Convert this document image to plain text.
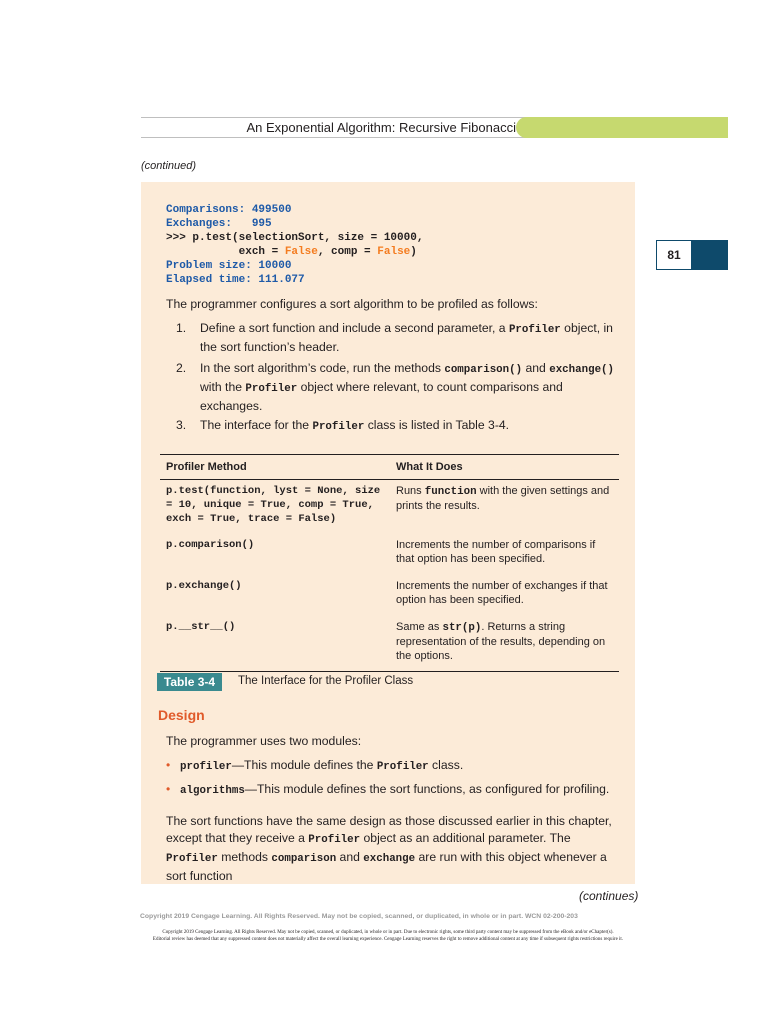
An Exponential Algorithm: Recursive Fibonacci
(continued)
81
Comparisons: 499500
Exchanges:   995
>>> p.test(selectionSort, size = 10000,
exch = False, comp = False)
Problem size: 10000
Elapsed time: 111.077
The programmer configures a sort algorithm to be profiled as follows:
1.	Define a sort function and include a second parameter, a Profiler object, in the sort function’s header.
2.	In the sort algorithm’s code, run the methods comparison() and exchange() with the Profiler object where relevant, to count comparisons and exchanges.
3.	The interface for the Profiler class is listed in Table 3-4.
Profiler Method	What It Does
p.test(function, lyst = None, size = 10, unique = True, comp = True, exch = True, trace = False)	Runs function with the given settings and prints the results.
p.comparison()	Increments the number of comparisons if that option has been specified.
p.exchange()	Increments the number of exchanges if that option has been specified.
p.__str__()	Same as str(p). Returns a string representation of the results, depending on the options.
Table 3-4	The Interface for the Profiler Class
Design
The programmer uses two modules:
• profiler—This module defines the Profiler class.
• algorithms—This module defines the sort functions, as configured for profiling.
The sort functions have the same design as those discussed earlier in this chapter, except that they receive a Profiler object as an additional parameter. The Profiler methods comparison and exchange are run with this object whenever a sort function
(continues)
Copyright 2019 Cengage Learning. All Rights Reserved. May not be copied, scanned, or duplicated, in whole or in part. WCN 02-200-203
Copyright 2019 Cengage Learning. All Rights Reserved. May not be copied, scanned, or duplicated, in whole or in part. Due to electronic rights, some third party content may be suppressed from the eBook and/or eChapter(s).
Editorial review has deemed that any suppressed content does not materially affect the overall learning experience. Cengage Learning reserves the right to remove additional content at any time if subsequent rights restrictions require it.
